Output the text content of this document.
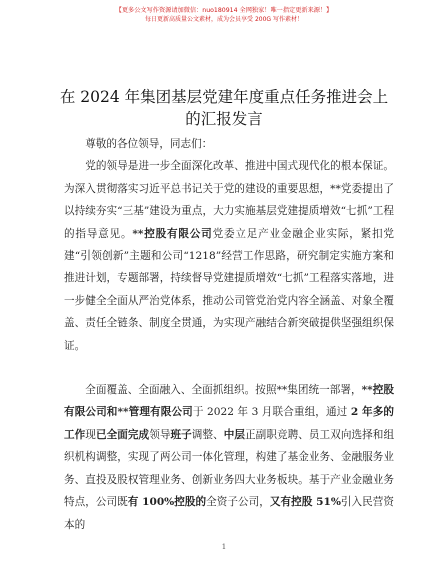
【更多公文写作资源请加微信：nuo180914 全网独家！唯一指定更新来源！】
每日更新高质量公文素材，成为会员享受 200G 写作素材！
在 2024 年集团基层党建年度重点任务推进会上
的汇报发言

尊敬的各位领导，同志们：

党的领导是进一步全面深化改革、推进中国式现代化的根本保证。为深入贯彻落实习近平总书记关于党的建设的重要思想，**党委提出了以持续夯实“三基”建设为重点，大力实施基层党建提质增效“七抓”工程的指导意见。**控股有限公司党委立足产业金融企业实际，紧扣党建“引领创新”主题和公司“1218”经营工作思路，研究制定实施方案和推进计划，专题部署，持续督导党建提质增效“七抓”工程落实落地，进一步健全全面从严治党体系，推动公司管党治党内容全涵盖、对象全覆盖、责任全链条、制度全贯通，为实现产融结合新突破提供坚强组织保证。

全面覆盖、全面融入、全面抓组织。按照**集团统一部署，**控股有限公司和**管理有限公司于 2022 年 3 月联合重组，通过 2 年多的工作现已全面完成领导班子调整、中层正副职竞聘、员工双向选择和组织机构调整，实现了两公司一体化管理，构建了基金业务、金融服务业务、直投及股权管理业务、创新业务四大业务板块。基于产业金融业务特点，公司既有 100%控股的全资子公司，又有控股 51%引入民营资本的

1
